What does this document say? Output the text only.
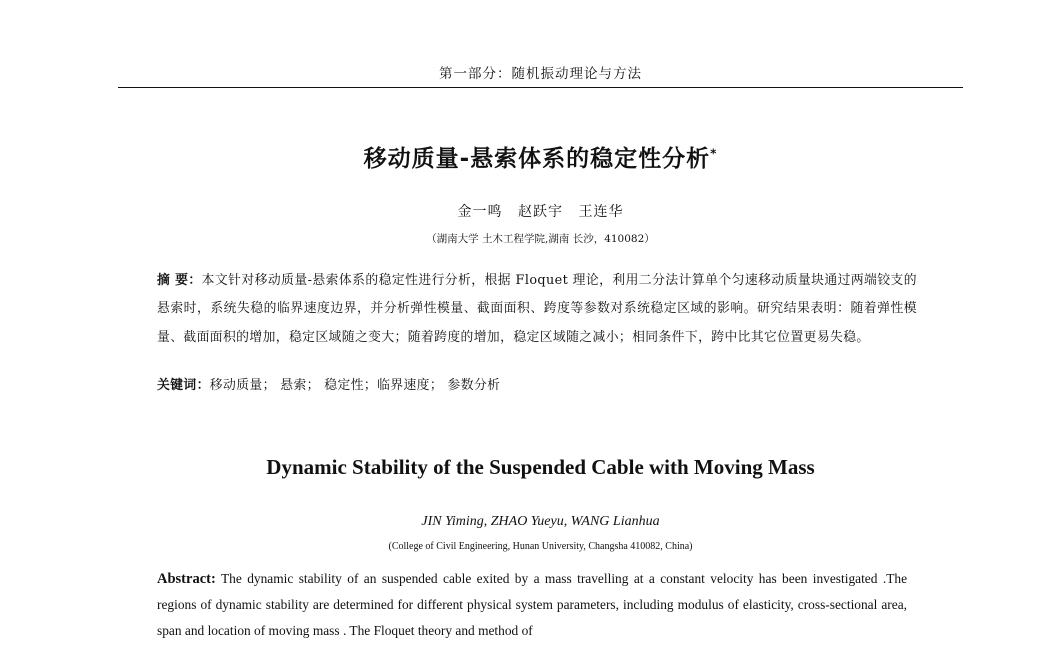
第一部分：随机振动理论与方法
移动质量-悬索体系的稳定性分析*
金一鸣 赵跃宇 王连华
（湖南大学 土木工程学院,湖南 长沙，410082）
摘 要：本文针对移动质量-悬索体系的稳定性进行分析，根据 Floquet 理论，利用二分法计算单个匀速移动质量块通过两端铰支的悬索时，系统失稳的临界速度边界，并分析弹性模量、截面面积、跨度等参数对系统稳定区域的影响。研究结果表明：随着弹性模量、截面面积的增加，稳定区域随之变大；随着跨度的增加，稳定区域随之减小；相同条件下，跨中比其它位置更易失稳。
关键词：移动质量； 悬索； 稳定性；临界速度； 参数分析
Dynamic Stability of the Suspended Cable with Moving Mass
JIN Yiming, ZHAO Yueyu, WANG Lianhua
(College of Civil Engineering, Hunan University, Changsha 410082, China)
Abstract: The dynamic stability of an suspended cable exited by a mass travelling at a constant velocity has been investigated .The regions of dynamic stability are determined for different physical system parameters, including modulus of elasticity, cross-sectional area, span and location of moving mass . The Floquet theory and method of
